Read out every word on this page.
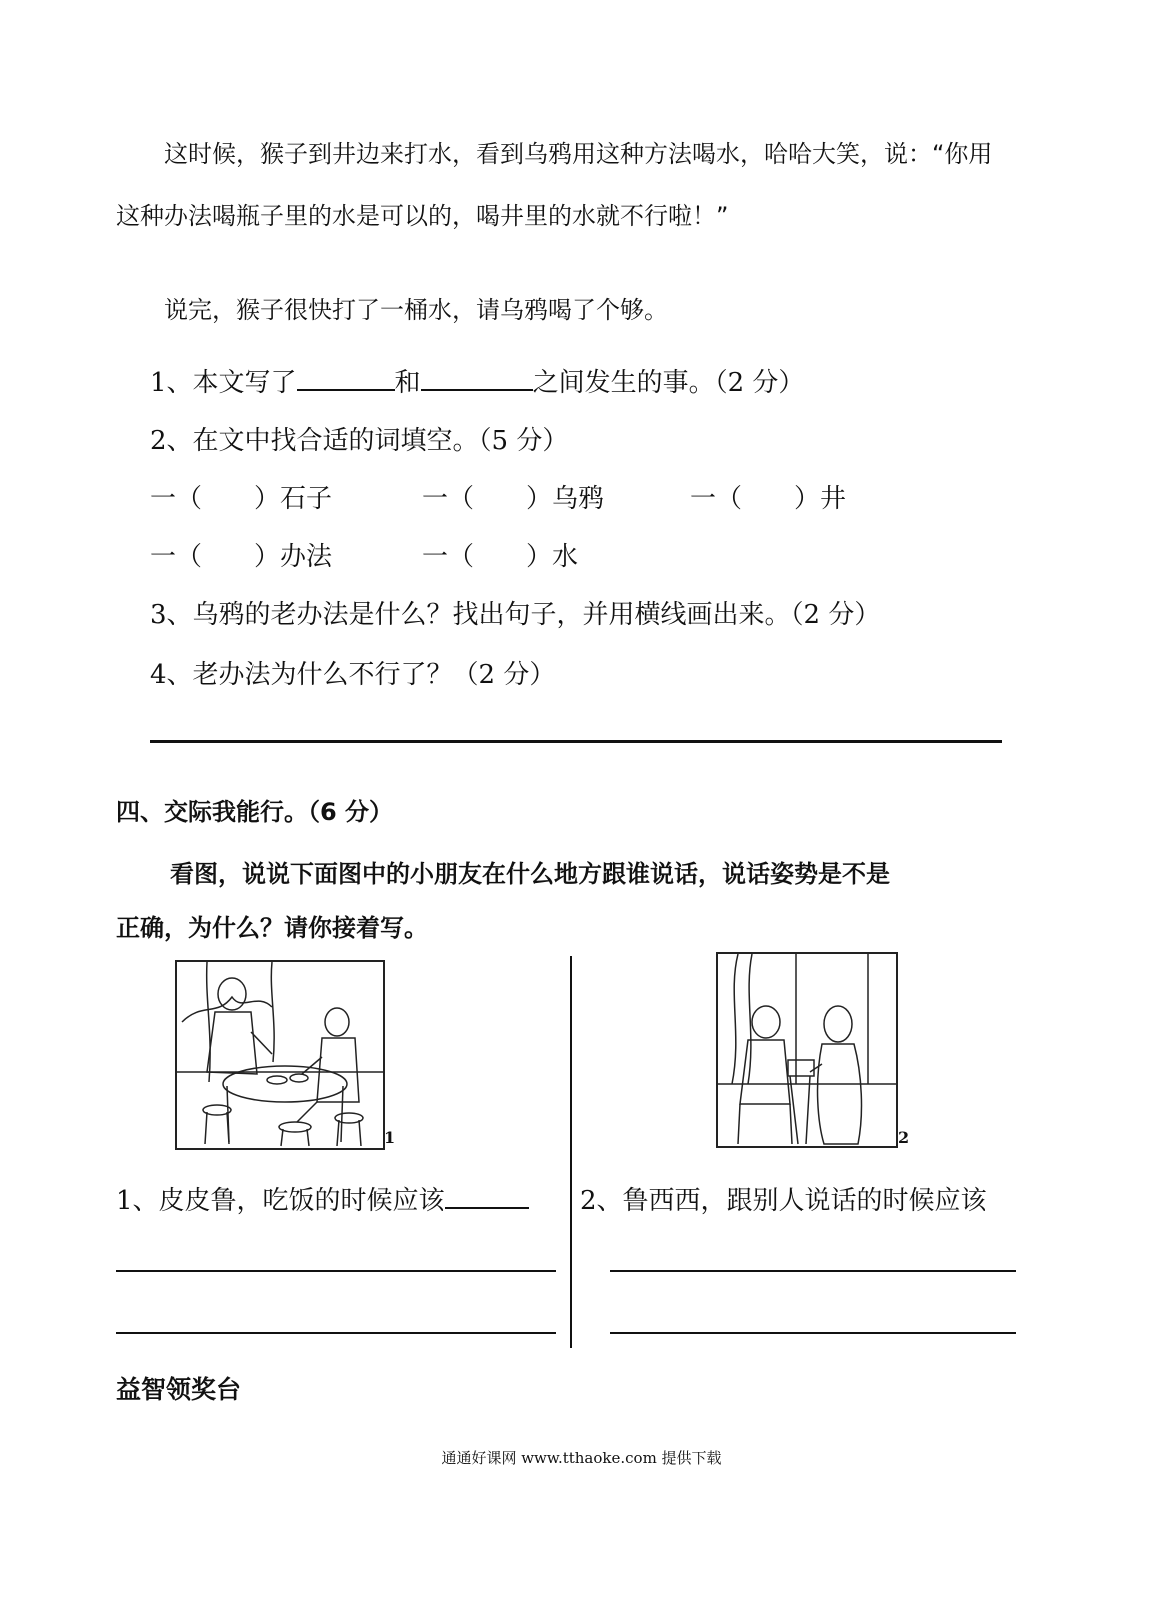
这时候，猴子到井边来打水，看到乌鸦用这种方法喝水，哈哈大笑，说：“你用
这种办法喝瓶子里的水是可以的，喝井里的水就不行啦！”
说完，猴子很快打了一桶水，请乌鸦喝了个够。
1、本文写了	和	之间发生的事。（2 分）
2、在文中找合适的词填空。（5 分）
一（　　）石子	一（　　）乌鸦	一（　　）井
一（　　）办法	一（　　）水
3、乌鸦的老办法是什么？找出句子，并用横线画出来。（2 分）
4、老办法为什么不行了？（2 分）
四、交际我能行。（6 分）
看图，说说下面图中的小朋友在什么地方跟谁说话，说话姿势是不是
正确，为什么？请你接着写。
1	2
1、皮皮鲁，吃饭的时候应该	2、鲁西西，跟别人说话的时候应该
益智领奖台
通通好课网 www.tthaoke.com 提供下载
